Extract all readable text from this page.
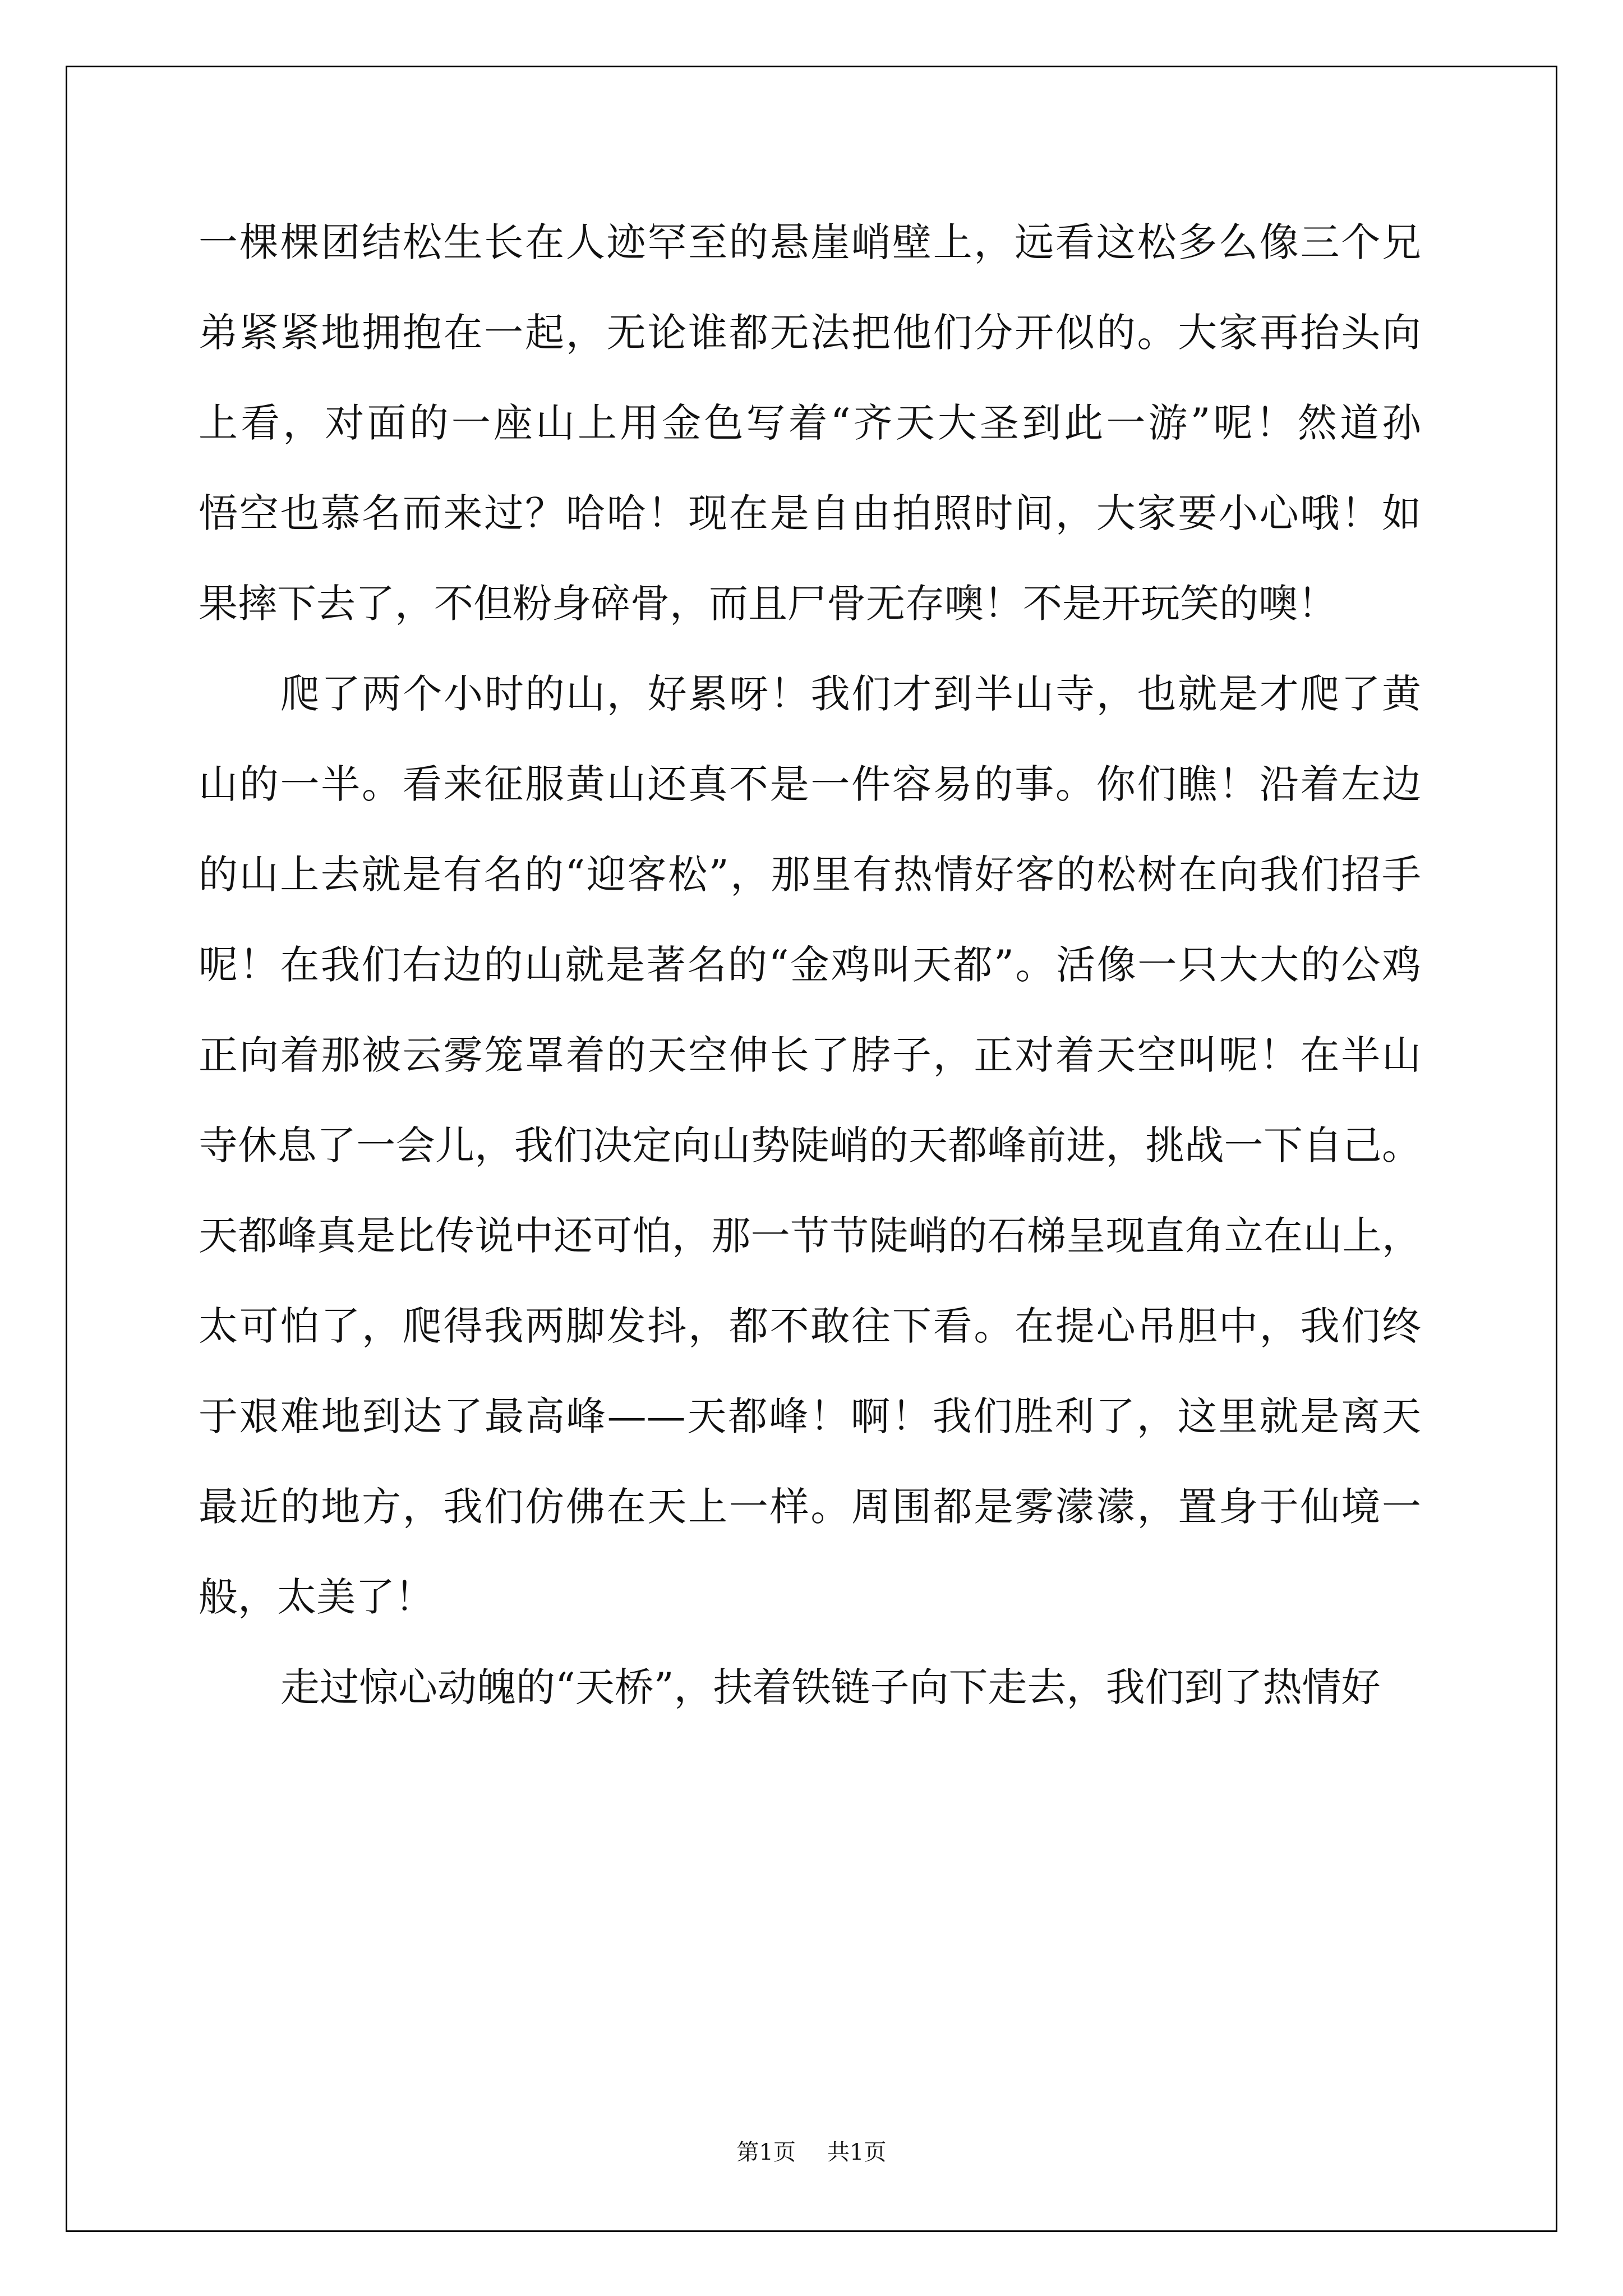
一棵棵团结松生长在人迹罕至的悬崖峭壁上，远看这松多么像三个兄
弟紧紧地拥抱在一起，无论谁都无法把他们分开似的。大家再抬头向
上看，对面的一座山上用金色写着“齐天大圣到此一游”呢！然道孙
悟空也慕名而来过？哈哈！现在是自由拍照时间，大家要小心哦！如
果摔下去了，不但粉身碎骨，而且尸骨无存噢！不是开玩笑的噢！
爬了两个小时的山，好累呀！我们才到半山寺，也就是才爬了黄
山的一半。看来征服黄山还真不是一件容易的事。你们瞧！沿着左边
的山上去就是有名的“迎客松”，那里有热情好客的松树在向我们招手
呢！在我们右边的山就是著名的“金鸡叫天都”。活像一只大大的公鸡
正向着那被云雾笼罩着的天空伸长了脖子，正对着天空叫呢！在半山
寺休息了一会儿，我们决定向山势陡峭的天都峰前进，挑战一下自己。
天都峰真是比传说中还可怕，那一节节陡峭的石梯呈现直角立在山上，
太可怕了，爬得我两脚发抖，都不敢往下看。在提心吊胆中，我们终
于艰难地到达了最高峰——天都峰！啊！我们胜利了，这里就是离天
最近的地方，我们仿佛在天上一样。周围都是雾濛濛，置身于仙境一
般，太美了！
走过惊心动魄的“天桥”，扶着铁链子向下走去，我们到了热情好
第1页 共1页
